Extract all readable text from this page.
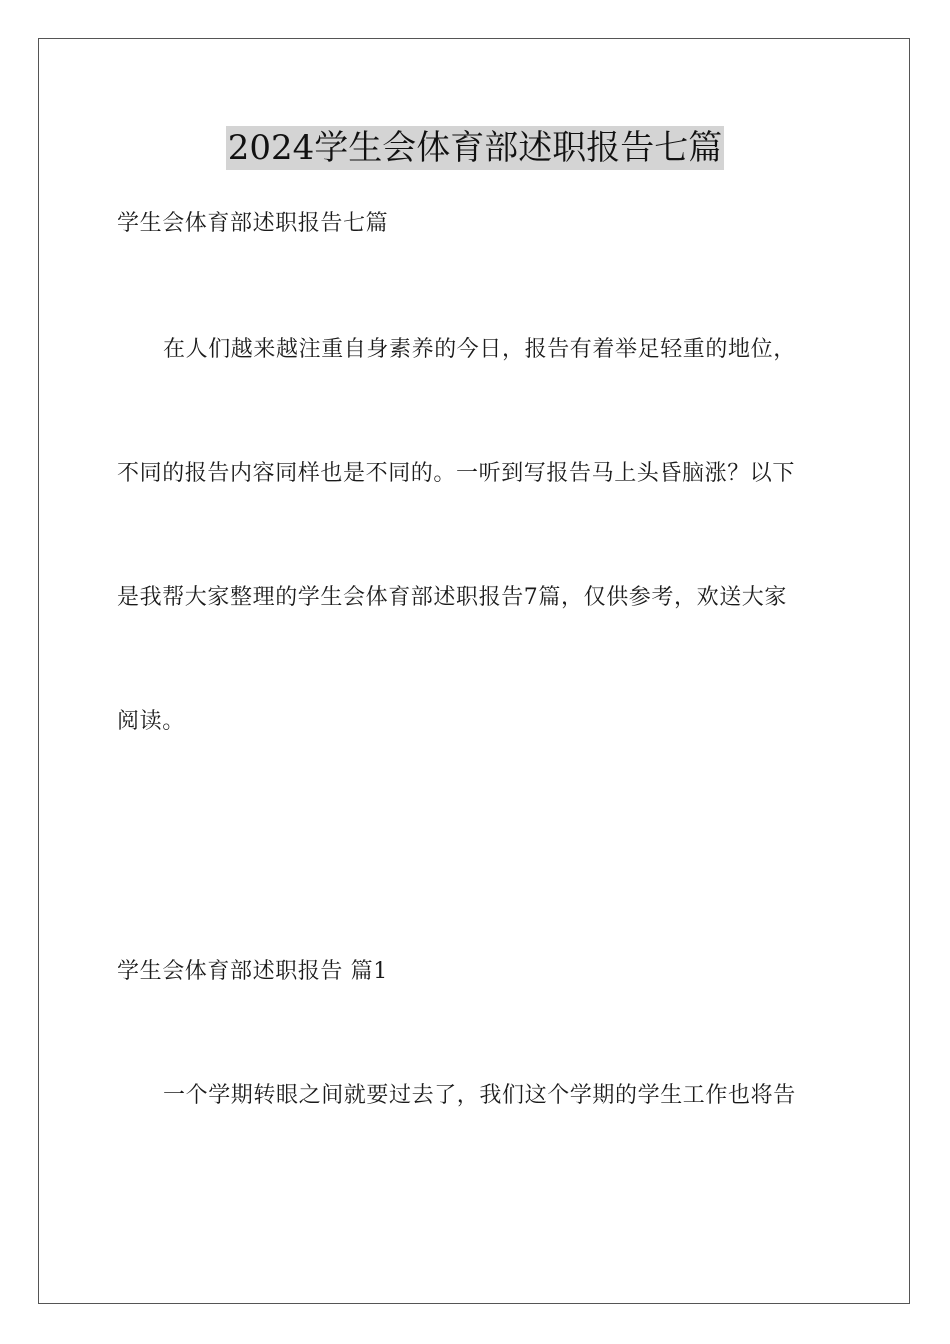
2024学生会体育部述职报告七篇
学生会体育部述职报告七篇
在人们越来越注重自身素养的今日，报告有着举足轻重的地位，
不同的报告内容同样也是不同的。一听到写报告马上头昏脑涨？以下
是我帮大家整理的学生会体育部述职报告7篇，仅供参考，欢送大家
阅读。
学生会体育部述职报告 篇1
一个学期转眼之间就要过去了，我们这个学期的学生工作也将告
